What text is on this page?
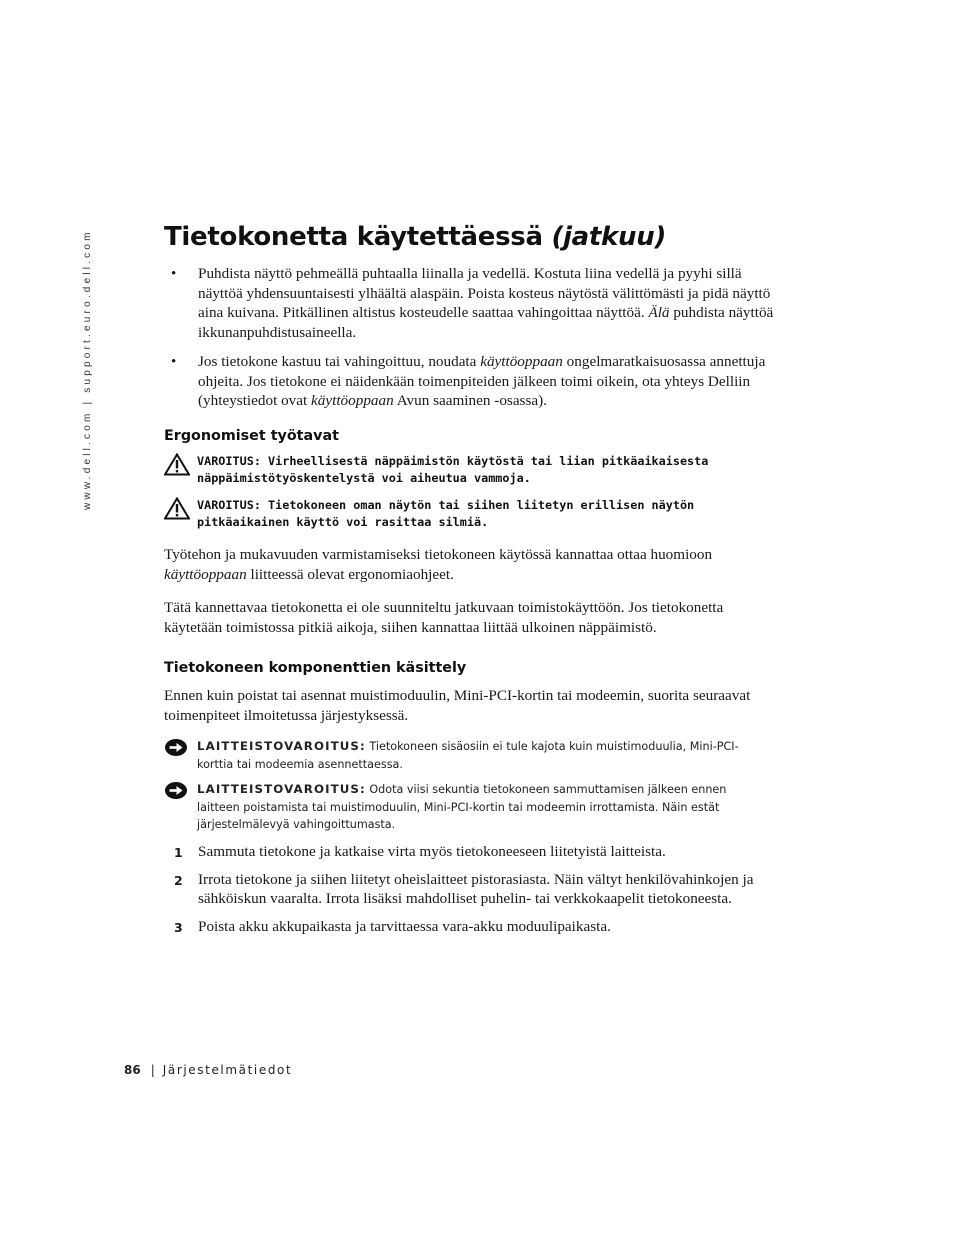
www.dell.com | support.euro.dell.com	Tietokonetta käytettäessä (jatkuu)

• Puhdista näyttö pehmeällä puhtaalla liinalla ja vedellä. Kostuta liina vedellä ja pyyhi sillä näyttöä yhdensuuntaisesti ylhäältä alaspäin. Poista kosteus näytöstä välittömästi ja pidä näyttö aina kuivana. Pitkällinen altistus kosteudelle saattaa vahingoittaa näyttöä. Älä puhdista näyttöä ikkunanpuhdistusaineella.

• Jos tietokone kastuu tai vahingoittuu, noudata käyttöoppaan ongelmaratkaisuosassa annettuja ohjeita. Jos tietokone ei näidenkään toimenpiteiden jälkeen toimi oikein, ota yhteys Delliin (yhteystiedot ovat käyttöoppaan Avun saaminen -osassa).

Ergonomiset työtavat
VAROITUS: Virheellisestä näppäimistön käytöstä tai liian pitkäaikaisesta näppäimistötyöskentelystä voi aiheutua vammoja.
VAROITUS: Tietokoneen oman näytön tai siihen liitetyn erillisen näytön pitkäaikainen käyttö voi rasittaa silmiä.

Työtehon ja mukavuuden varmistamiseksi tietokoneen käytössä kannattaa ottaa huomioon käyttöoppaan liitteessä olevat ergonomiaohjeet.

Tätä kannettavaa tietokonetta ei ole suunniteltu jatkuvaan toimistokäyttöön. Jos tietokonetta käytetään toimistossa pitkiä aikoja, siihen kannattaa liittää ulkoinen näppäimistö.

Tietokoneen komponenttien käsittely

Ennen kuin poistat tai asennat muistimoduulin, Mini-PCI-kortin tai modeemin, suorita seuraavat toimenpiteet ilmoitetussa järjestyksessä.

LAITTEISTOVAROITUS: Tietokoneen sisäosiin ei tule kajota kuin muistimoduulia, Mini-PCI-korttia tai modeemia asennettaessa.
LAITTEISTOVAROITUS: Odota viisi sekuntia tietokoneen sammuttamisen jälkeen ennen laitteen poistamista tai muistimoduulin, Mini-PCI-kortin tai modeemin irrottamista. Näin estät järjestelmälevyä vahingoittumasta.

1 Sammuta tietokone ja katkaise virta myös tietokoneeseen liitetyistä laitteista.

2 Irrota tietokone ja siihen liitetyt oheislaitteet pistorasiasta. Näin vältyt henkilövahinkojen ja sähköiskun vaaralta. Irrota lisäksi mahdolliset puhelin- tai verkkokaapelit tietokoneesta.

3 Poista akku akkupaikasta ja tarvittaessa vara-akku moduulipaikasta.

86 | Järjestelmätiedot
